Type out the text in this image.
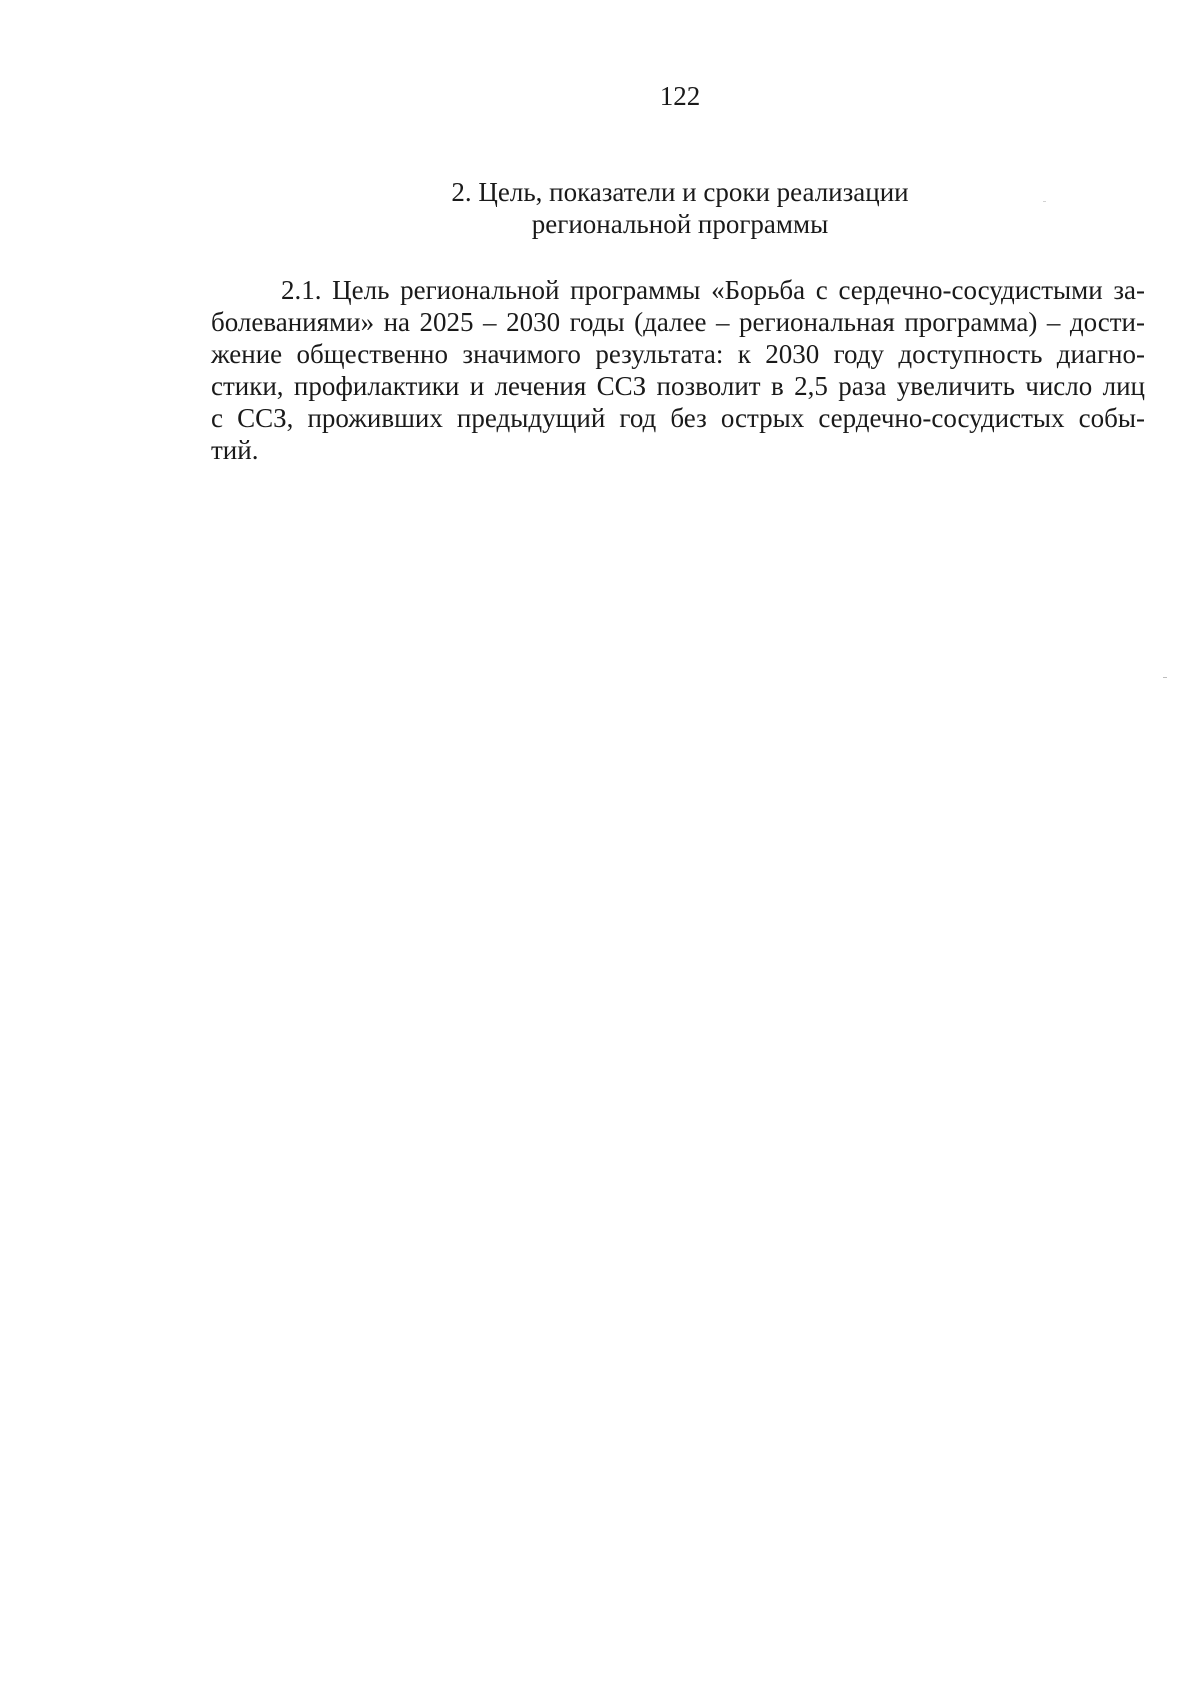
122
2. Цель, показатели и сроки реализации
региональной программы
2.1. Цель региональной программы «Борьба с сердечно-сосудистыми за-
болеваниями» на 2025 – 2030 годы (далее – региональная программа) – дости-
жение общественно значимого результата: к 2030 году доступность диагно-
стики, профилактики и лечения ССЗ позволит в 2,5 раза увеличить число лиц
с ССЗ, проживших предыдущий год без острых сердечно-сосудистых собы-
тий.
